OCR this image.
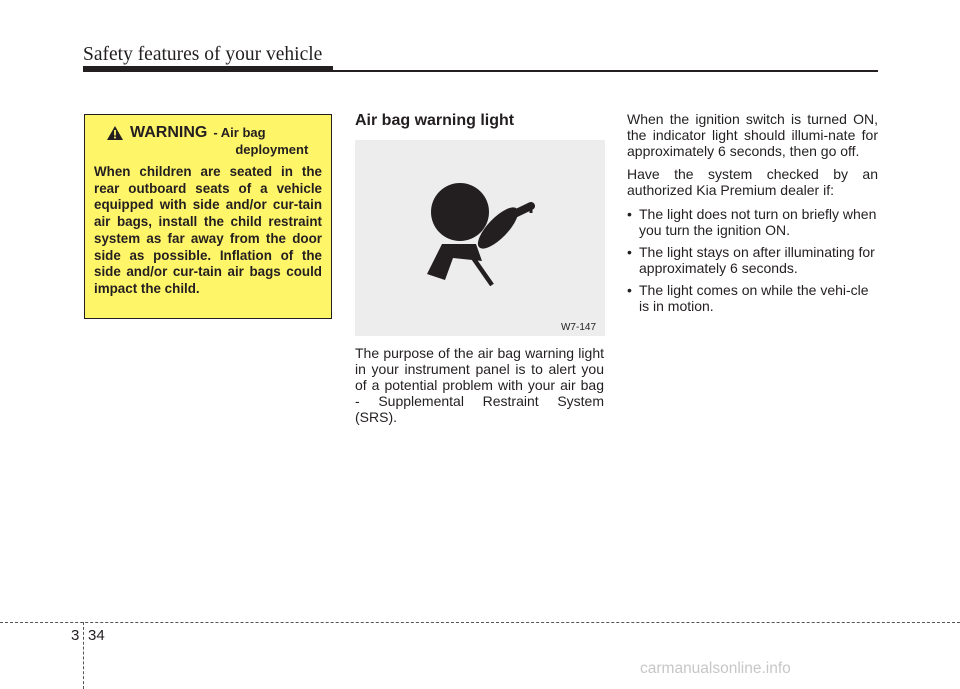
Safety features of your vehicle
WARNING - Air bag
deployment

When children are seated in the rear outboard seats of a vehicle equipped with side and/or cur-tain air bags, install the child restraint system as far away from the door side as possible. Inflation of the side and/or cur-tain air bags could impact the child.

Air bag warning light
W7-147

The purpose of the air bag warning light in your instrument panel is to alert you of a potential problem with your air bag - Supplemental Restraint System (SRS).

When the ignition switch is turned ON, the indicator light should illumi-nate for approximately 6 seconds, then go off.

Have the system checked by an authorized Kia Premium dealer if:

• The light does not turn on briefly when you turn the ignition ON.
• The light stays on after illuminating for approximately 6 seconds.
• The light comes on while the vehi-cle is in motion.
3 34
carmanualsonline.info
